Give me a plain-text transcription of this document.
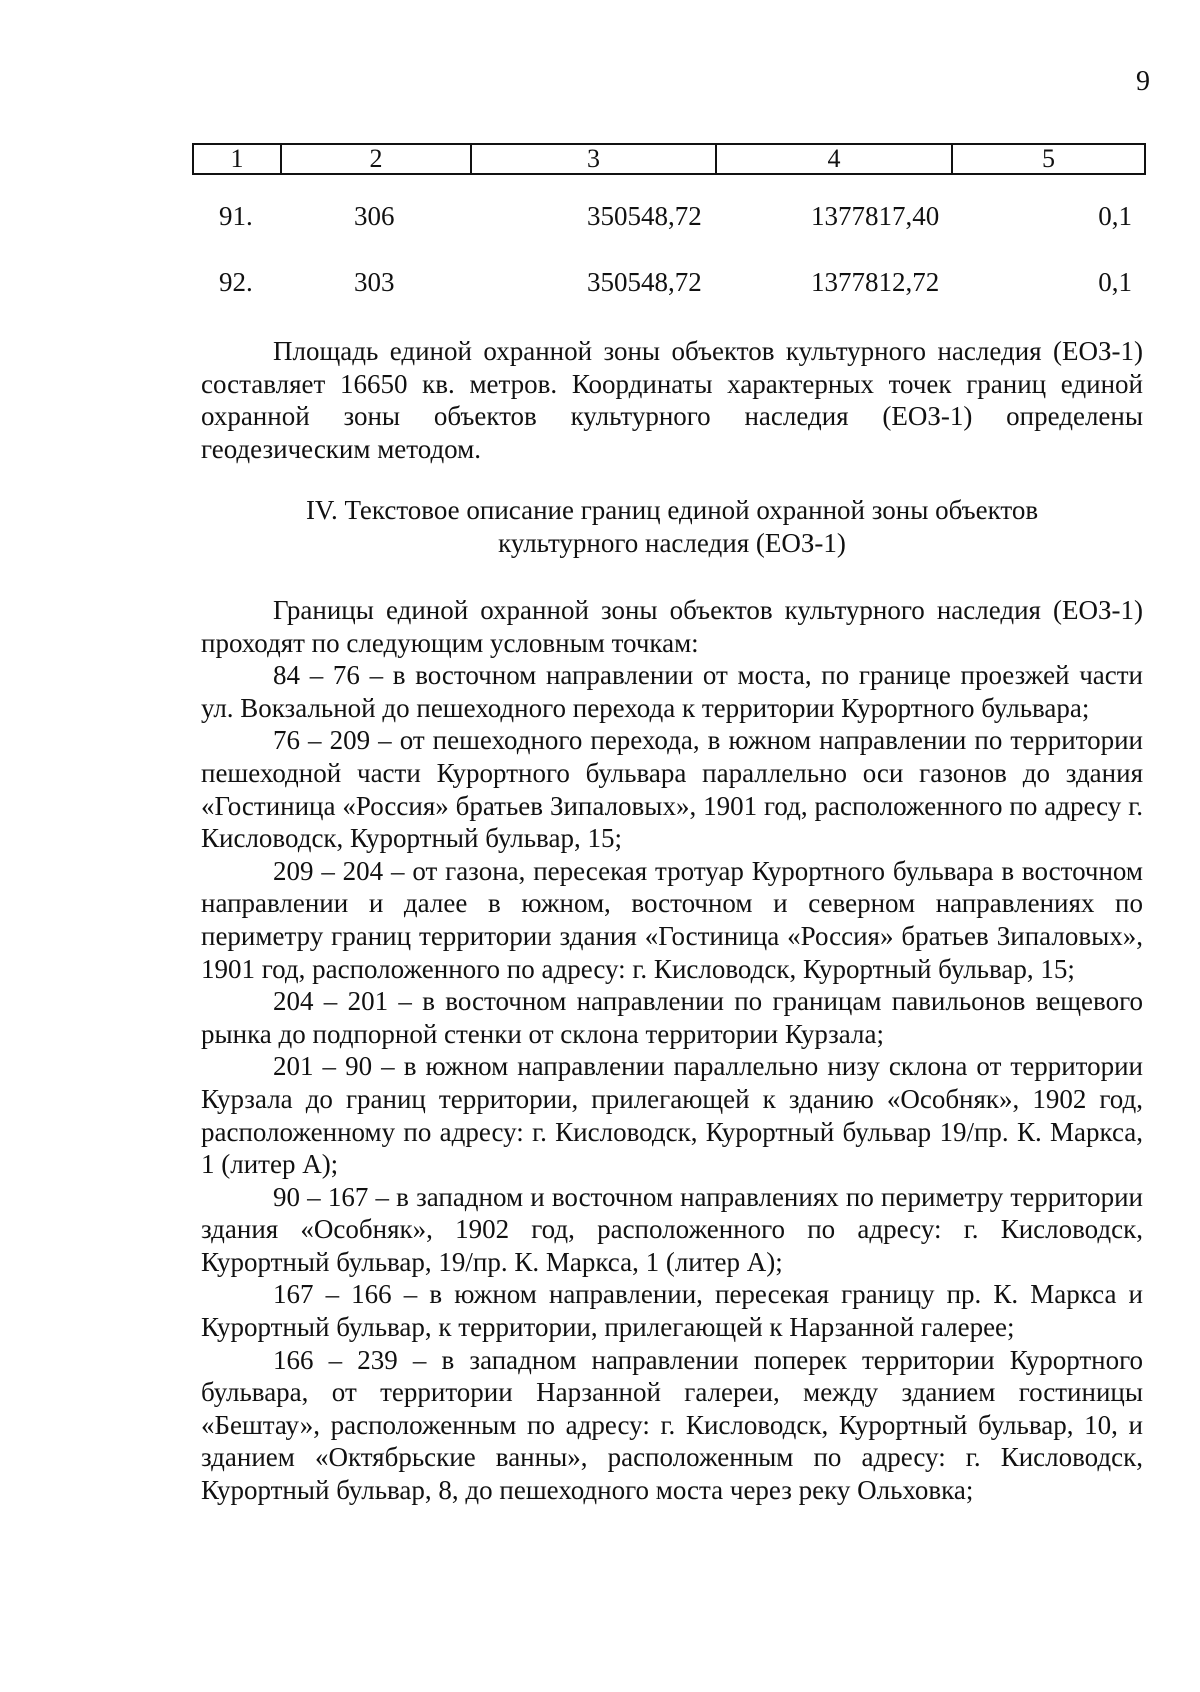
9
1	2	3	4	5
91.	306	350548,72	1377817,40	0,1
92.	303	350548,72	1377812,72	0,1

Площадь единой охранной зоны объектов культурного наследия (ЕОЗ-1) составляет 16650 кв. метров. Координаты характерных точек границ единой охранной зоны объектов культурного наследия (ЕОЗ-1) определены геодезическим методом.

IV. Текстовое описание границ единой охранной зоны объектов
культурного наследия (ЕОЗ-1)

Границы единой охранной зоны объектов культурного наследия (ЕОЗ-1) проходят по следующим условным точкам:

84 – 76 – в восточном направлении от моста, по границе проезжей части ул. Вокзальной до пешеходного перехода к территории Курортного бульвара;

76 – 209 – от пешеходного перехода, в южном направлении по территории пешеходной части Курортного бульвара параллельно оси газонов до здания «Гостиница «Россия» братьев Зипаловых», 1901 год, расположенного по адресу г. Кисловодск, Курортный бульвар, 15;

209 – 204 – от газона, пересекая тротуар Курортного бульвара в восточном направлении и далее в южном, восточном и северном направлениях по периметру границ территории здания «Гостиница «Россия» братьев Зипаловых», 1901 год, расположенного по адресу: г. Кисловодск, Курортный бульвар, 15;

204 – 201 – в восточном направлении по границам павильонов вещевого рынка до подпорной стенки от склона территории Курзала;

201 – 90 – в южном направлении параллельно низу склона от территории Курзала до границ территории, прилегающей к зданию «Особняк», 1902 год, расположенному по адресу: г. Кисловодск, Курортный бульвар 19/пр. К. Маркса, 1 (литер А);

90 – 167 – в западном и восточном направлениях по периметру территории здания «Особняк», 1902 год, расположенного по адресу: г. Кисловодск, Курортный бульвар, 19/пр. К. Маркса, 1 (литер А);

167 – 166 – в южном направлении, пересекая границу пр. К. Маркса и Курортный бульвар, к территории, прилегающей к Нарзанной галерее;

166 – 239 – в западном направлении поперек территории Курортного бульвара, от территории Нарзанной галереи, между зданием гостиницы «Бештау», расположенным по адресу: г. Кисловодск, Курортный бульвар, 10, и зданием «Октябрьские ванны», расположенным по адресу: г. Кисловодск, Курортный бульвар, 8, до пешеходного моста через реку Ольховка;
